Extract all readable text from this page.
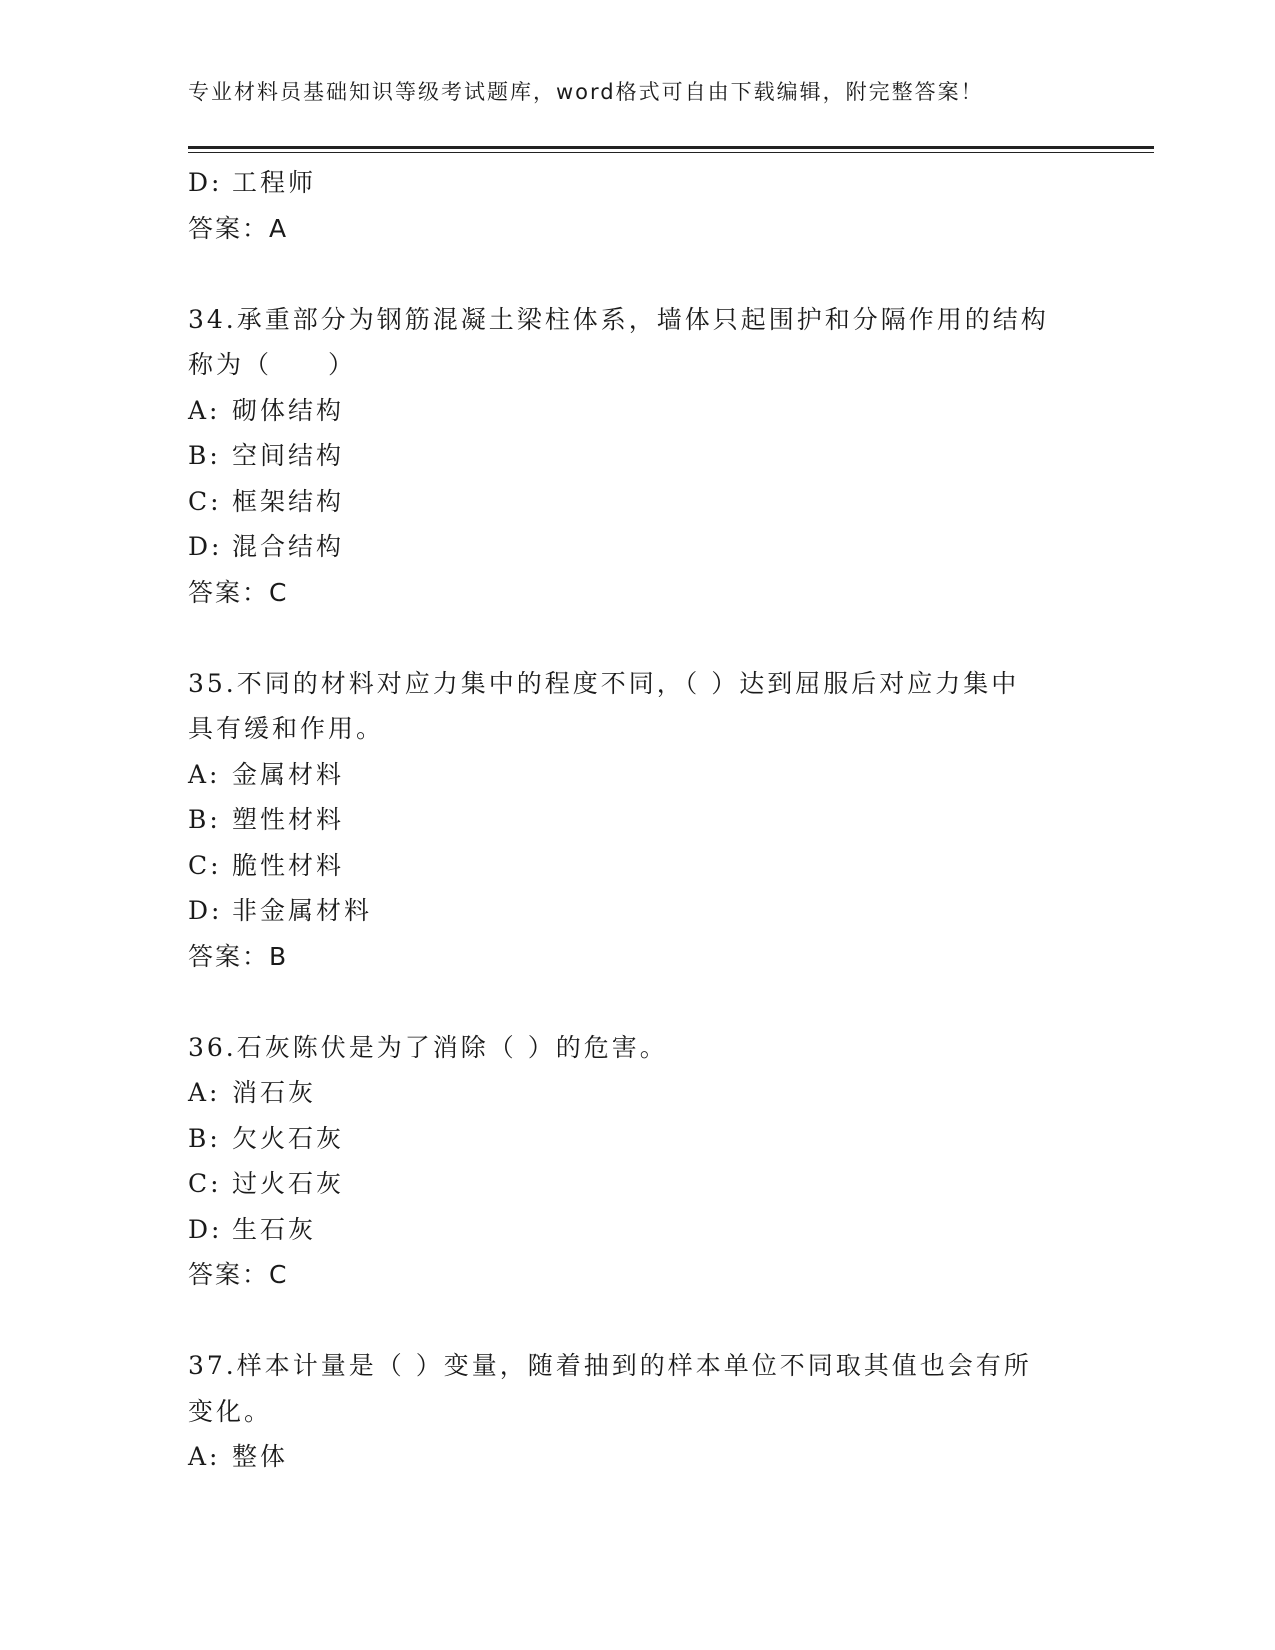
专业材料员基础知识等级考试题库，word格式可自由下载编辑，附完整答案！
D: 工程师
答案：A
34.承重部分为钢筋混凝土梁柱体系，墙体只起围护和分隔作用的结构
称为（　　）
A: 砌体结构
B: 空间结构
C: 框架结构
D: 混合结构
答案：C
35.不同的材料对应力集中的程度不同，（ ）达到屈服后对应力集中
具有缓和作用。
A: 金属材料
B: 塑性材料
C: 脆性材料
D: 非金属材料
答案：B
36.石灰陈伏是为了消除（ ）的危害。
A: 消石灰
B: 欠火石灰
C: 过火石灰
D: 生石灰
答案：C
37.样本计量是（ ）变量，随着抽到的样本单位不同取其值也会有所
变化。
A: 整体
